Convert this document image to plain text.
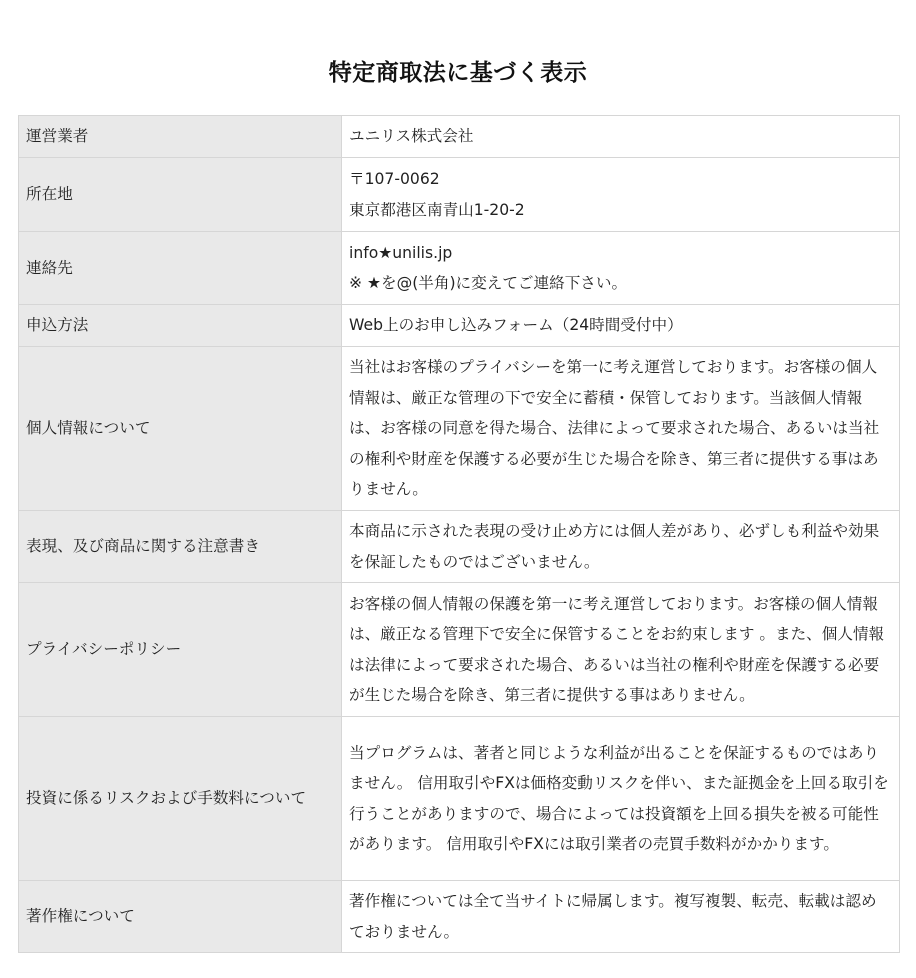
特定商取法に基づく表示
運営業者	ユニリス株式会社

所在地	〒107-0062
東京都港区南青山1-20-2

連絡先	info★unilis.jp
※ ★を@(半角)に変えてご連絡下さい。

申込方法	Web上のお申し込みフォーム（24時間受付中）

個人情報について	当社はお客様のプライバシーを第一に考え運営しております。お客様の個人情報は、厳正な管理の下で安全に蓄積・保管しております。当該個人情報は、お客様の同意を得た場合、法律によって要求された場合、あるいは当社の権利や財産を保護する必要が生じた場合を除き、第三者に提供する事はありません。

表現、及び商品に関する注意書き	本商品に示された表現の受け止め方には個人差があり、必ずしも利益や効果を保証したものではございません。

プライバシーポリシー	お客様の個人情報の保護を第一に考え運営しております。お客様の個人情報は、厳正なる管理下で安全に保管することをお約束します 。また、個人情報は法律によって要求された場合、あるいは当社の権利や財産を保護する必要が生じた場合を除き、第三者に提供する事はありません。

投資に係るリスクおよび手数料について	当プログラムは、著者と同じような利益が出ることを保証するものではありません。 信用取引やFXは価格変動リスクを伴い、また証拠金を上回る取引を行うことがありますので、場合によっては投資額を上回る損失を被る可能性があります。 信用取引やFXには取引業者の売買手数料がかかります。

著作権について	著作権については全て当サイトに帰属します。複写複製、転売、転載は認めておりません。
